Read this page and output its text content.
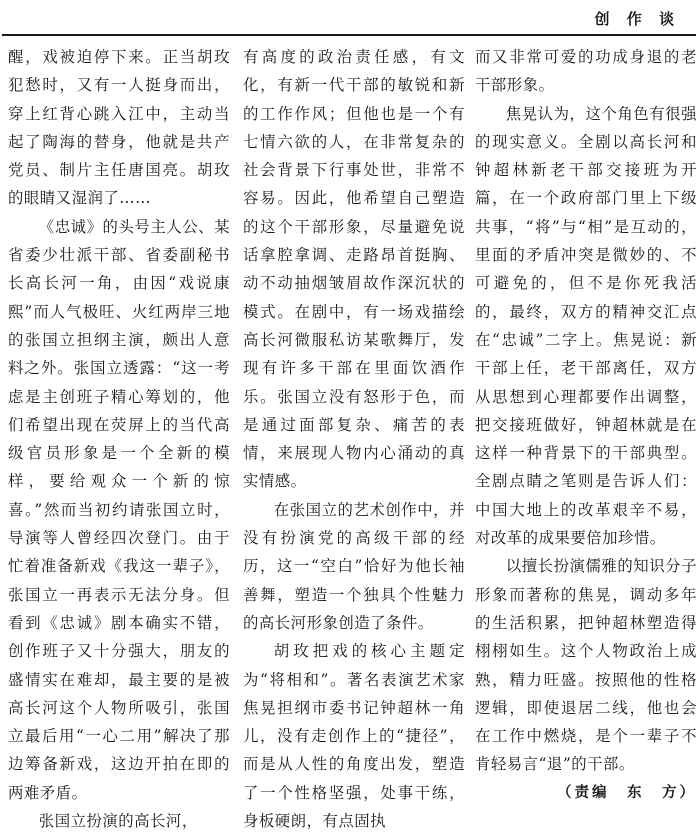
创 作 谈

醒，戏被迫停下来。正当胡玫犯愁时，又有一人挺身而出，穿上红背心跳入江中，主动当起了陶海的替身，他就是共产党员、制片主任唐国亮。胡玫的眼睛又湿润了……

《忠诚》的头号主人公、某省委少壮派干部、省委副秘书长高长河一角，由因“戏说康熙”而人气极旺、火红两岸三地的张国立担纲主演，颇出人意料之外。张国立透露：“这一考虑是主创班子精心筹划的，他们希望出现在荧屏上的当代高级官员形象是一个全新的模样，要给观众一个新的惊喜。”然而当初约请张国立时，导演等人曾经四次登门。由于忙着准备新戏《我这一辈子》，张国立一再表示无法分身。但看到《忠诚》剧本确实不错，创作班子又十分强大，朋友的盛情实在难却，最主要的是被高长河这个人物所吸引，张国立最后用“一心二用”解决了那边筹备新戏，这边开拍在即的两难矛盾。

张国立扮演的高长河，

有高度的政治责任感，有文化，有新一代干部的敏锐和新的工作作风；但他也是一个有七情六欲的人，在非常复杂的社会背景下行事处世，非常不容易。因此，他希望自己塑造的这个干部形象，尽量避免说话拿腔拿调、走路昂首挺胸、动不动抽烟皱眉故作深沉状的模式。在剧中，有一场戏描绘高长河微服私访某歌舞厅，发现有许多干部在里面饮酒作乐。张国立没有怒形于色，而是通过面部复杂、痛苦的表情，来展现人物内心涌动的真实情感。

在张国立的艺术创作中，并没有扮演党的高级干部的经历，这一“空白”恰好为他长袖善舞，塑造一个独具个性魅力的高长河形象创造了条件。

胡玫把戏的核心主题定为“将相和”。著名表演艺术家焦晃担纲市委书记钟超林一角儿，没有走创作上的“捷径”，而是从人性的角度出发，塑造了一个性格坚强，处事干练，身板硬朗，有点固执

而又非常可爱的功成身退的老干部形象。

焦晃认为，这个角色有很强的现实意义。全剧以高长河和钟超林新老干部交接班为开篇，在一个政府部门里上下级共事，“将”与“相”是互动的，里面的矛盾冲突是微妙的、不可避免的，但不是你死我活的，最终，双方的精神交汇点在“忠诚”二字上。焦晃说：新干部上任，老干部离任，双方从思想到心理都要作出调整，把交接班做好，钟超林就是在这样一种背景下的干部典型。全剧点睛之笔则是告诉人们：中国大地上的改革艰辛不易，对改革的成果要倍加珍惜。

以擅长扮演儒雅的知识分子形象而著称的焦晃，调动多年的生活积累，把钟超林塑造得栩栩如生。这个人物政治上成熟，精力旺盛。按照他的性格逻辑，即使退居二线，他也会在工作中燃烧，是个一辈子不肯轻易言“退”的干部。

（责编　东　方）
